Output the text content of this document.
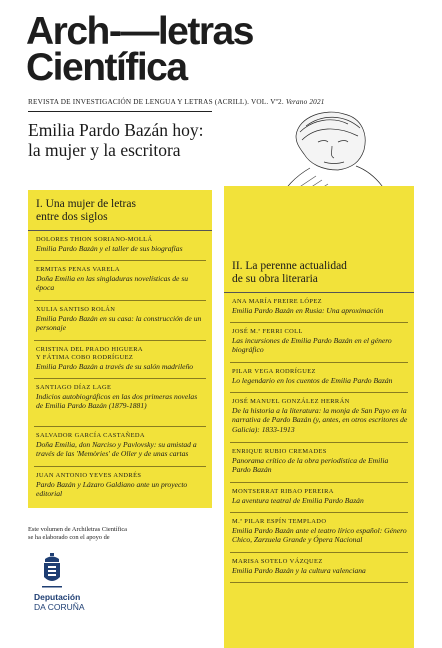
Arch-—letras
Científica
REVISTA DE INVESTIGACIÓN DE LENGUA Y LETRAS (ACRILL). VOL. Vº2. Verano 2021
Emilia Pardo Bazán hoy:
la mujer y la escritora
I. Una mujer de letras
entre dos siglos
DOLORES THION SORIANO-MOLLÁ
Emilia Pardo Bazán y el taller de sus biografías
ERMITAS PENAS VARELA
Doña Emilia en las singladuras novelísticas de su época
XULIA SANTISO ROLÁN
Emilia Pardo Bazán en su casa: la construcción de un personaje
CRISTINA DEL PRADO HIGUERA
Y FÁTIMA COBO RODRÍGUEZ
Emilia Pardo Bazán a través de su salón madrileño
SANTIAGO DÍAZ LAGE
Indicios autobiográficos en las dos primeras novelas de Emilia Pardo Bazán (1879-1881)
SALVADOR GARCÍA CASTAÑEDA
Doña Emilia, don Narciso y Pavlovsky: su amistad a través de las 'Memòries' de Oller y de unas cartas
JUAN ANTONIO YEVES ANDRÉS
Pardo Bazán y Lázaro Galdiano ante un proyecto editorial
II. La perenne actualidad
de su obra literaria
ANA MARÍA FREIRE LÓPEZ
Emilia Pardo Bazán en Rusia: Una aproximación
JOSÉ M.ª FERRI COLL
Las incursiones de Emilia Pardo Bazán en el género biográfico
PILAR VEGA RODRÍGUEZ
Lo legendario en los cuentos de Emilia Pardo Bazán
JOSÉ MANUEL GONZÁLEZ HERRÁN
De la historia a la literatura: la monja de San Payo en la narrativa de Pardo Bazán (y, antes, en otros escritores de Galicia): 1833-1913
ENRIQUE RUBIO CREMADES
Panorama crítico de la obra periodística de Emilia Pardo Bazán
MONTSERRAT RIBAO PEREIRA
La aventura teatral de Emilia Pardo Bazán
M.ª PILAR ESPÍN TEMPLADO
Emilia Pardo Bazán ante el teatro lírico español: Género Chico, Zarzuela Grande y Ópera Nacional
MARISA SOTELO VÁZQUEZ
Emilia Pardo Bazán y la cultura valenciana
Este volumen de Archiletras Científica
se ha elaborado con el apoyo de
Deputación
DA CORUÑA
